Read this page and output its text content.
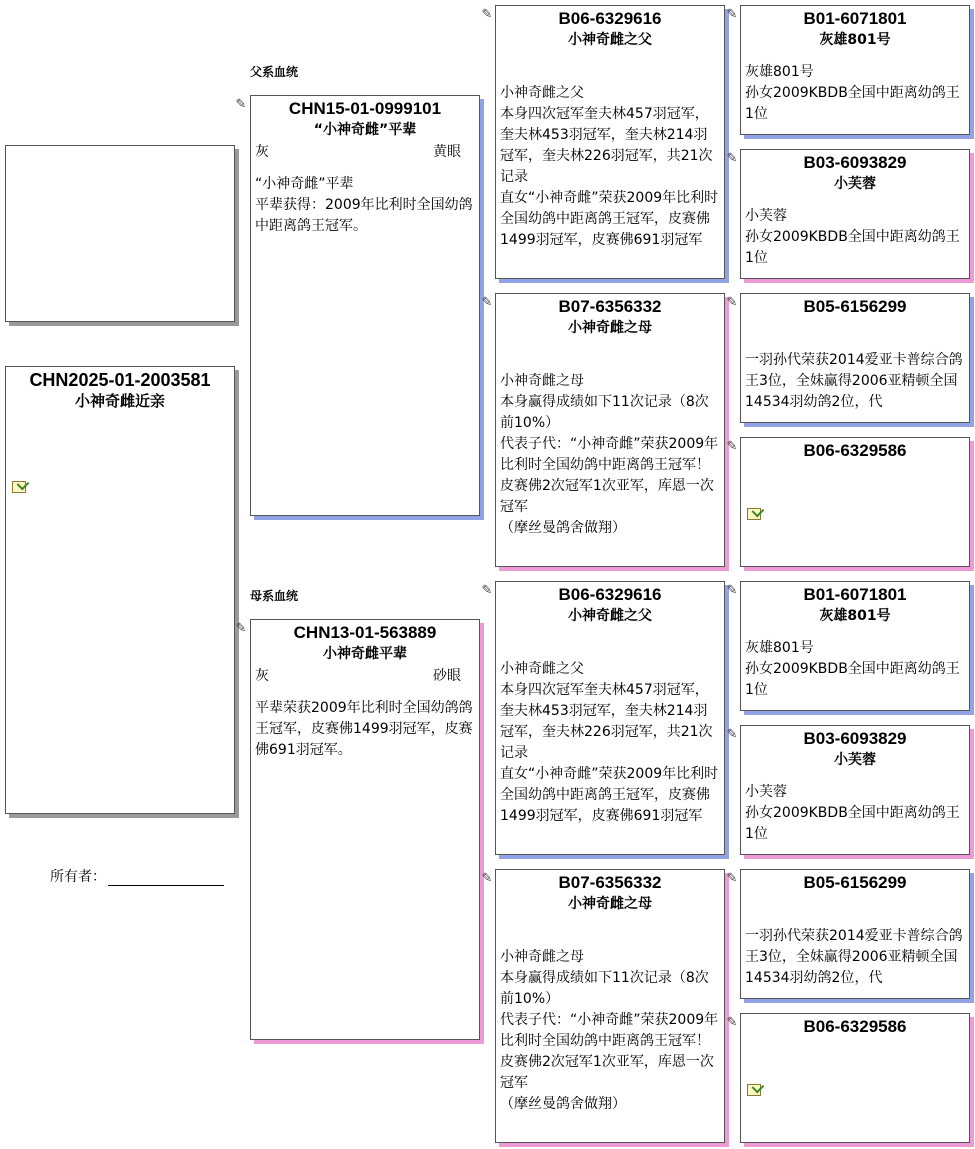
CHN2025-01-2003581
小神奇雌近亲
所有者：
父系血统
母系血统
✎	CHN15-01-0999101
“小神奇雌”平辈
灰	黄眼
“小神奇雌”平辈
平辈获得：2009年比利时全国幼鸽中距离鸽王冠军。
✎	CHN13-01-563889
小神奇雌平辈
灰	砂眼
平辈荣获2009年比利时全国幼鸽鸽王冠军，皮赛佛1499羽冠军，皮赛佛691羽冠军。
✎	B06-6329616
小神奇雌之父
小神奇雌之父
本身四次冠军奎夫林457羽冠军，奎夫林453羽冠军，奎夫林214羽冠军，奎夫林226羽冠军，共21次记录
直女“小神奇雌”荣获2009年比利时全国幼鸽中距离鸽王冠军，皮赛佛1499羽冠军，皮赛佛691羽冠军
✎	B07-6356332
小神奇雌之母
小神奇雌之母
本身赢得成绩如下11次记录（8次前10%）
代表子代：“小神奇雌”荣获2009年比利时全国幼鸽中距离鸽王冠军！
皮赛佛2次冠军1次亚军，库恩一次冠军
（摩丝曼鸽舍做翔）
✎	B06-6329616
小神奇雌之父
小神奇雌之父
本身四次冠军奎夫林457羽冠军，奎夫林453羽冠军，奎夫林214羽冠军，奎夫林226羽冠军，共21次记录
直女“小神奇雌”荣获2009年比利时全国幼鸽中距离鸽王冠军，皮赛佛1499羽冠军，皮赛佛691羽冠军
✎	B07-6356332
小神奇雌之母
小神奇雌之母
本身赢得成绩如下11次记录（8次前10%）
代表子代：“小神奇雌”荣获2009年比利时全国幼鸽中距离鸽王冠军！
皮赛佛2次冠军1次亚军，库恩一次冠军
（摩丝曼鸽舍做翔）
✎	B01-6071801
灰雄801号
灰雄801号
孙女2009KBDB全国中距离幼鸽王1位
✎	B03-6093829
小芙蓉
小芙蓉
孙女2009KBDB全国中距离幼鸽王1位
✎	B05-6156299
一羽孙代荣获2014爱亚卡普综合鸽王3位，全妹赢得2006亚精顿全国14534羽幼鸽2位，代
✎	B06-6329586
✎	B01-6071801
灰雄801号
灰雄801号
孙女2009KBDB全国中距离幼鸽王1位
✎	B03-6093829
小芙蓉
小芙蓉
孙女2009KBDB全国中距离幼鸽王1位
✎	B05-6156299
一羽孙代荣获2014爱亚卡普综合鸽王3位，全妹赢得2006亚精顿全国14534羽幼鸽2位，代
✎	B06-6329586
